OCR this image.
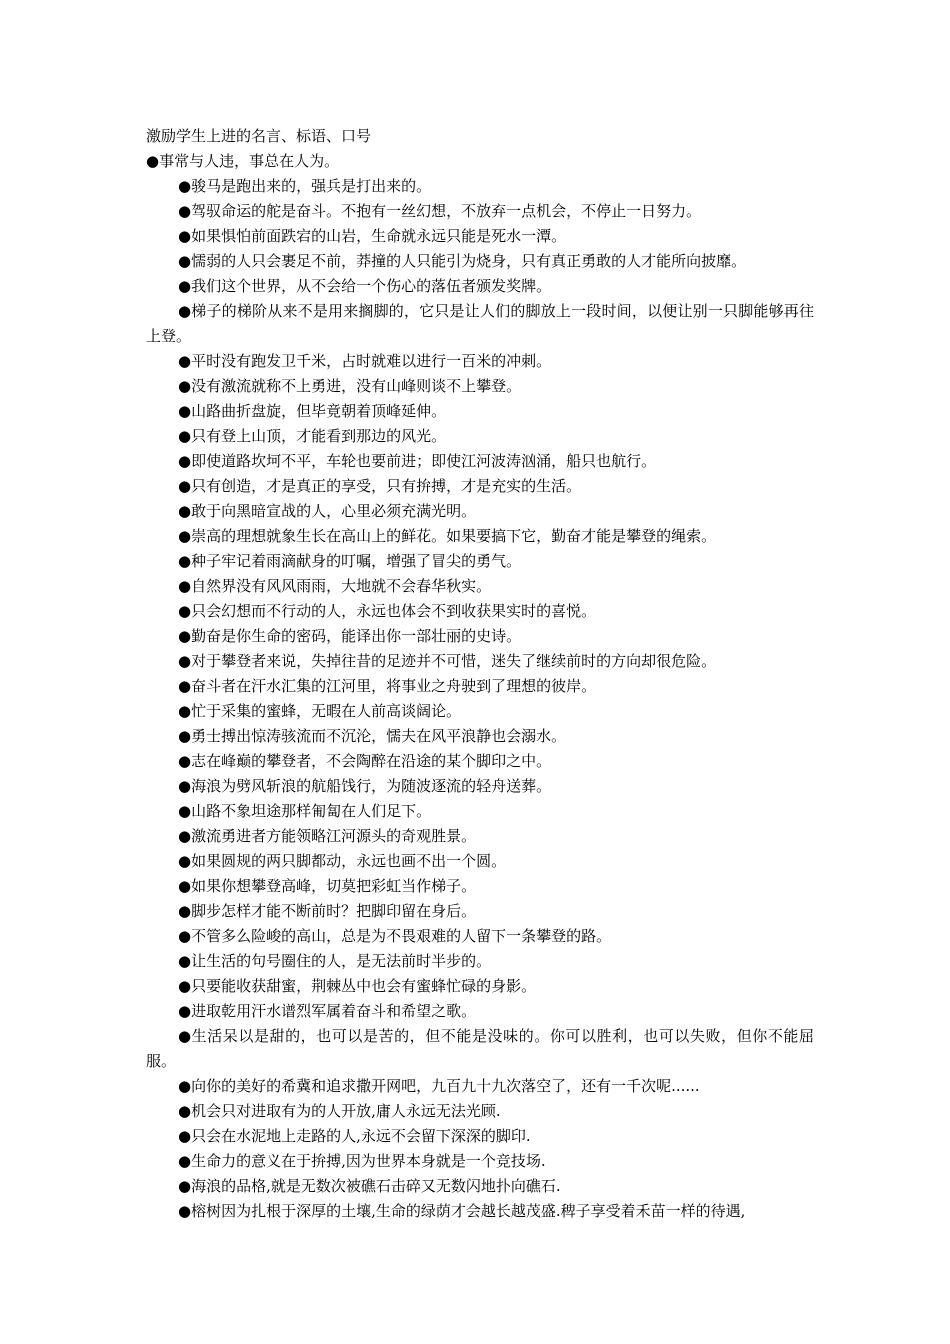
激励学生上进的名言、标语、口号

●事常与人违，事总在人为。

●骏马是跑出来的，强兵是打出来的。

●驾驭命运的舵是奋斗。不抱有一丝幻想，不放弃一点机会，不停止一日努力。

●如果惧怕前面跌宕的山岩，生命就永远只能是死水一潭。

●懦弱的人只会裹足不前，莽撞的人只能引为烧身，只有真正勇敢的人才能所向披靡。

●我们这个世界，从不会给一个伤心的落伍者颁发奖牌。

●梯子的梯阶从来不是用来搁脚的，它只是让人们的脚放上一段时间，以便让别一只脚能够再往上登。

●平时没有跑发卫千米，占时就难以进行一百米的冲刺。

●没有激流就称不上勇进，没有山峰则谈不上攀登。

●山路曲折盘旋，但毕竟朝着顶峰延伸。

●只有登上山顶，才能看到那边的风光。

●即使道路坎坷不平，车轮也要前进；即使江河波涛汹涌，船只也航行。

●只有创造，才是真正的享受，只有拚搏，才是充实的生活。

●敢于向黑暗宣战的人，心里必须充满光明。

●崇高的理想就象生长在高山上的鲜花。如果要搞下它，勤奋才能是攀登的绳索。

●种子牢记着雨滴献身的叮嘱，增强了冒尖的勇气。

●自然界没有风风雨雨，大地就不会春华秋实。

●只会幻想而不行动的人，永远也体会不到收获果实时的喜悦。

●勤奋是你生命的密码，能译出你一部壮丽的史诗。

●对于攀登者来说，失掉往昔的足迹并不可惜，迷失了继续前时的方向却很危险。

●奋斗者在汗水汇集的江河里，将事业之舟驶到了理想的彼岸。

●忙于采集的蜜蜂，无暇在人前高谈阔论。

●勇士搏出惊涛骇流而不沉沦，懦夫在风平浪静也会溺水。

●志在峰巅的攀登者，不会陶醉在沿途的某个脚印之中。

●海浪为劈风斩浪的航船饯行，为随波逐流的轻舟送葬。

●山路不象坦途那样匍匐在人们足下。

●激流勇进者方能领略江河源头的奇观胜景。

●如果圆规的两只脚都动，永远也画不出一个圆。

●如果你想攀登高峰，切莫把彩虹当作梯子。

●脚步怎样才能不断前时？把脚印留在身后。

●不管多么险峻的高山，总是为不畏艰难的人留下一条攀登的路。

●让生活的句号圈住的人，是无法前时半步的。

●只要能收获甜蜜，荆棘丛中也会有蜜蜂忙碌的身影。

●进取乾用汗水谱烈军属着奋斗和希望之歌。

●生活呆以是甜的，也可以是苦的，但不能是没味的。你可以胜利，也可以失败，但你不能屈服。

●向你的美好的希冀和追求撒开网吧，九百九十九次落空了，还有一千次呢......

●机会只对进取有为的人开放,庸人永远无法光顾.

●只会在水泥地上走路的人,永远不会留下深深的脚印.

●生命力的意义在于拚搏,因为世界本身就是一个竞技场.

●海浪的品格,就是无数次被礁石击碎又无数闪地扑向礁石.

●榕树因为扎根于深厚的土壤,生命的绿荫才会越长越茂盛.稗子享受着禾苗一样的待遇,
